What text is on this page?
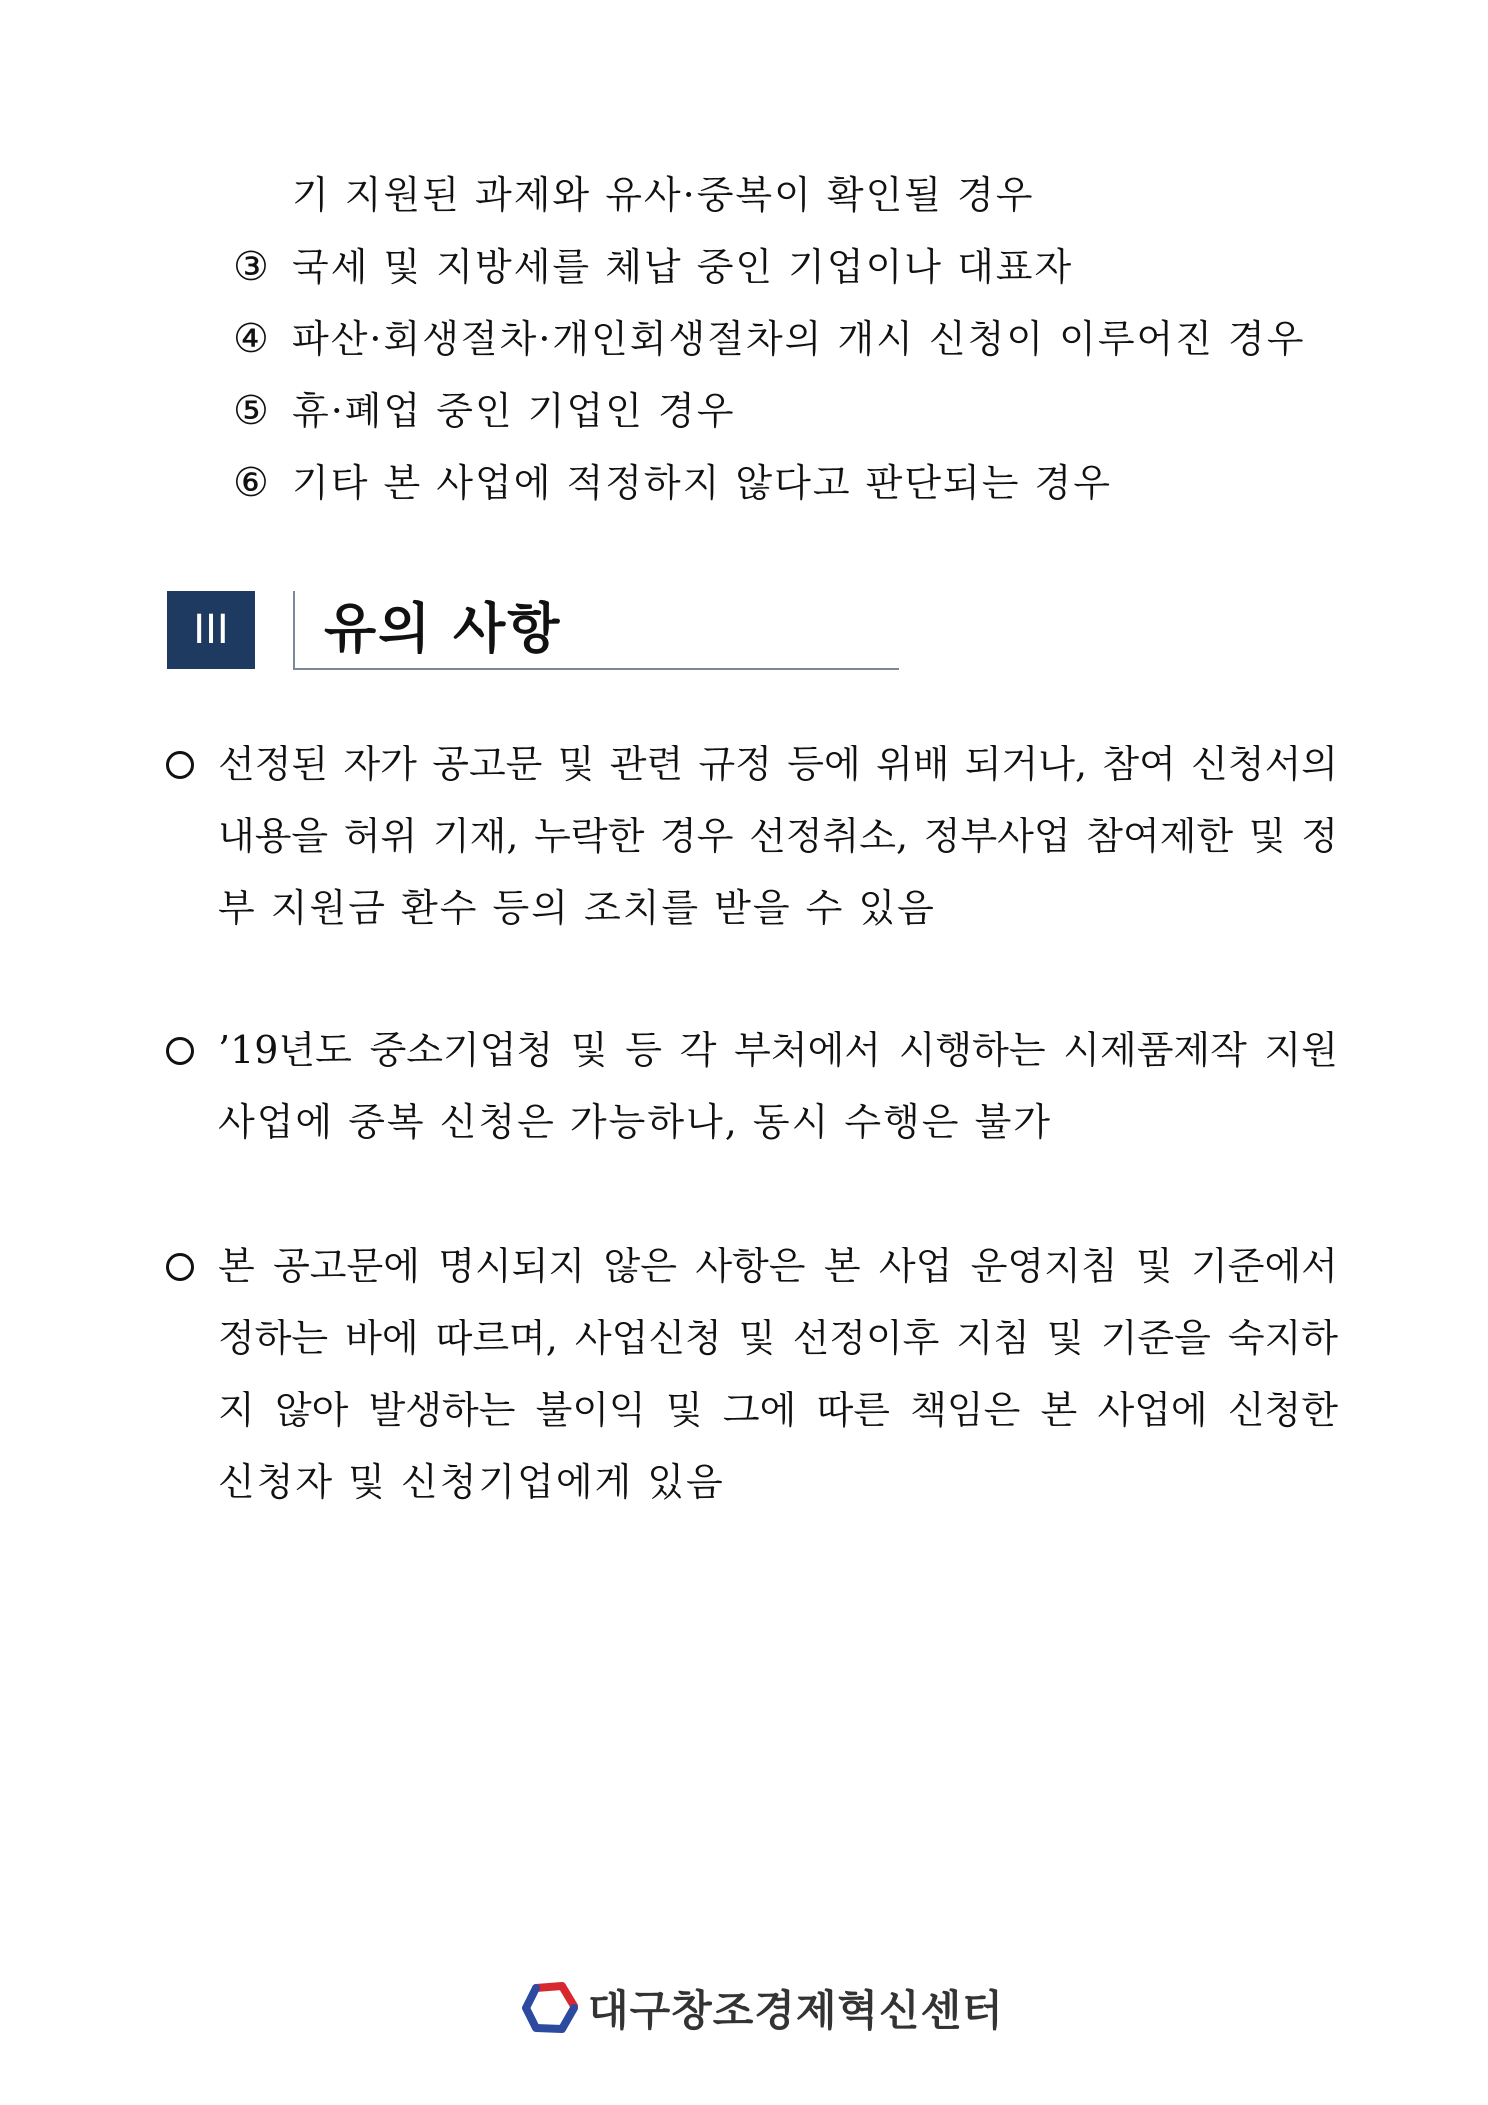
기 지원된 과제와 유사·중복이 확인될 경우
③ 국세 및 지방세를 체납 중인 기업이나 대표자
④ 파산·회생절차·개인회생절차의 개시 신청이 이루어진 경우
⑤ 휴·폐업 중인 기업인 경우
⑥ 기타 본 사업에 적정하지 않다고 판단되는 경우
III 유의 사항
선정된 자가 공고문 및 관련 규정 등에 위배 되거나, 참여 신청서의
내용을 허위 기재, 누락한 경우 선정취소, 정부사업 참여제한 및 정
부 지원금 환수 등의 조치를 받을 수 있음
’19년도 중소기업청 및 등 각 부처에서 시행하는 시제품제작 지원
사업에 중복 신청은 가능하나, 동시 수행은 불가
본 공고문에 명시되지 않은 사항은 본 사업 운영지침 및 기준에서
정하는 바에 따르며, 사업신청 및 선정이후 지침 및 기준을 숙지하
지 않아 발생하는 불이익 및 그에 따른 책임은 본 사업에 신청한
신청자 및 신청기업에게 있음
대구창조경제혁신센터
